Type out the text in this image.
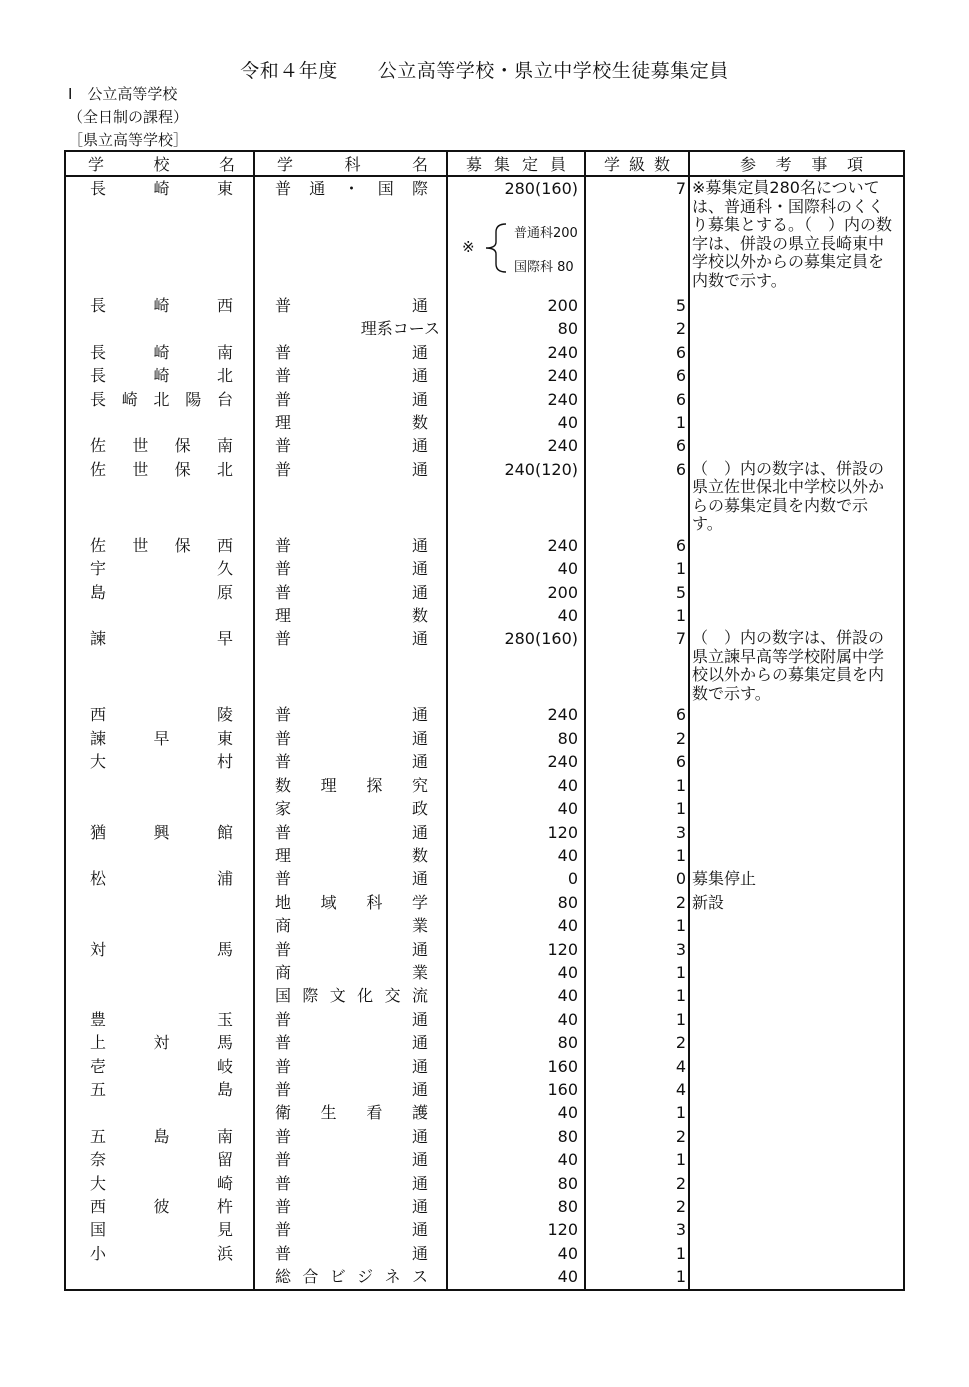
令和４年度 公立高等学校・県立中学校生徒募集定員
Ⅰ　公立高等学校
（全日制の課程）
［県立高等学校］
学 校 名	学 科 名	募 集 定 員	学 級 数	参 考 事 項

長 崎 東	普 通 ・ 国 際	280(160)	7	※募集定員280名については、普通科・国際科のくくり募集とする。（　）内の数字は、併設の県立長崎東中学校以外からの募集定員を内数で示す。

長 崎 西	普 通	200	5	

	理系コース	80	2	

長 崎 南	普 通	240	6	

長 崎 北	普 通	240	6	

長 崎 北 陽 台	普 通	240	6	

	理 数	40	1	

佐 世 保 南	普 通	240	6	

佐 世 保 北	普 通	240(120)	6	（　）内の数字は、併設の県立佐世保北中学校以外からの募集定員を内数で示す。

佐 世 保 西	普 通	240	6	

宇 久	普 通	40	1	

島 原	普 通	200	5	

	理 数	40	1	

諫 早	普 通	280(160)	7	（　）内の数字は、併設の県立諫早高等学校附属中学校以外からの募集定員を内数で示す。

西 陵	普 通	240	6	

諫 早 東	普 通	80	2	

大 村	普 通	240	6	

	数 理 探 究	40	1	

	家 政	40	1	

猶 興 館	普 通	120	3	

	理 数	40	1	

松 浦	普 通	0	0	募集停止

	地 域 科 学	80	2	新設

	商 業	40	1	

対 馬	普 通	120	3	

	商 業	40	1	

国 際 文 化 交 流	40	1	

豊 玉	普 通	40	1	

上 対 馬	普 通	80	2	

壱 岐	普 通	160	4	

五 島	普 通	160	4	

	衛 生 看 護	40	1	

五 島 南	普 通	80	2	

奈 留	普 通	40	1	

大 崎	普 通	80	2	

西 彼 杵	普 通	80	2	

国 見	普 通	120	3	

小 浜	普 通	40	1	

総 合 ビ ジ ネ ス	40	1	
※
普通科200
国際科 80
